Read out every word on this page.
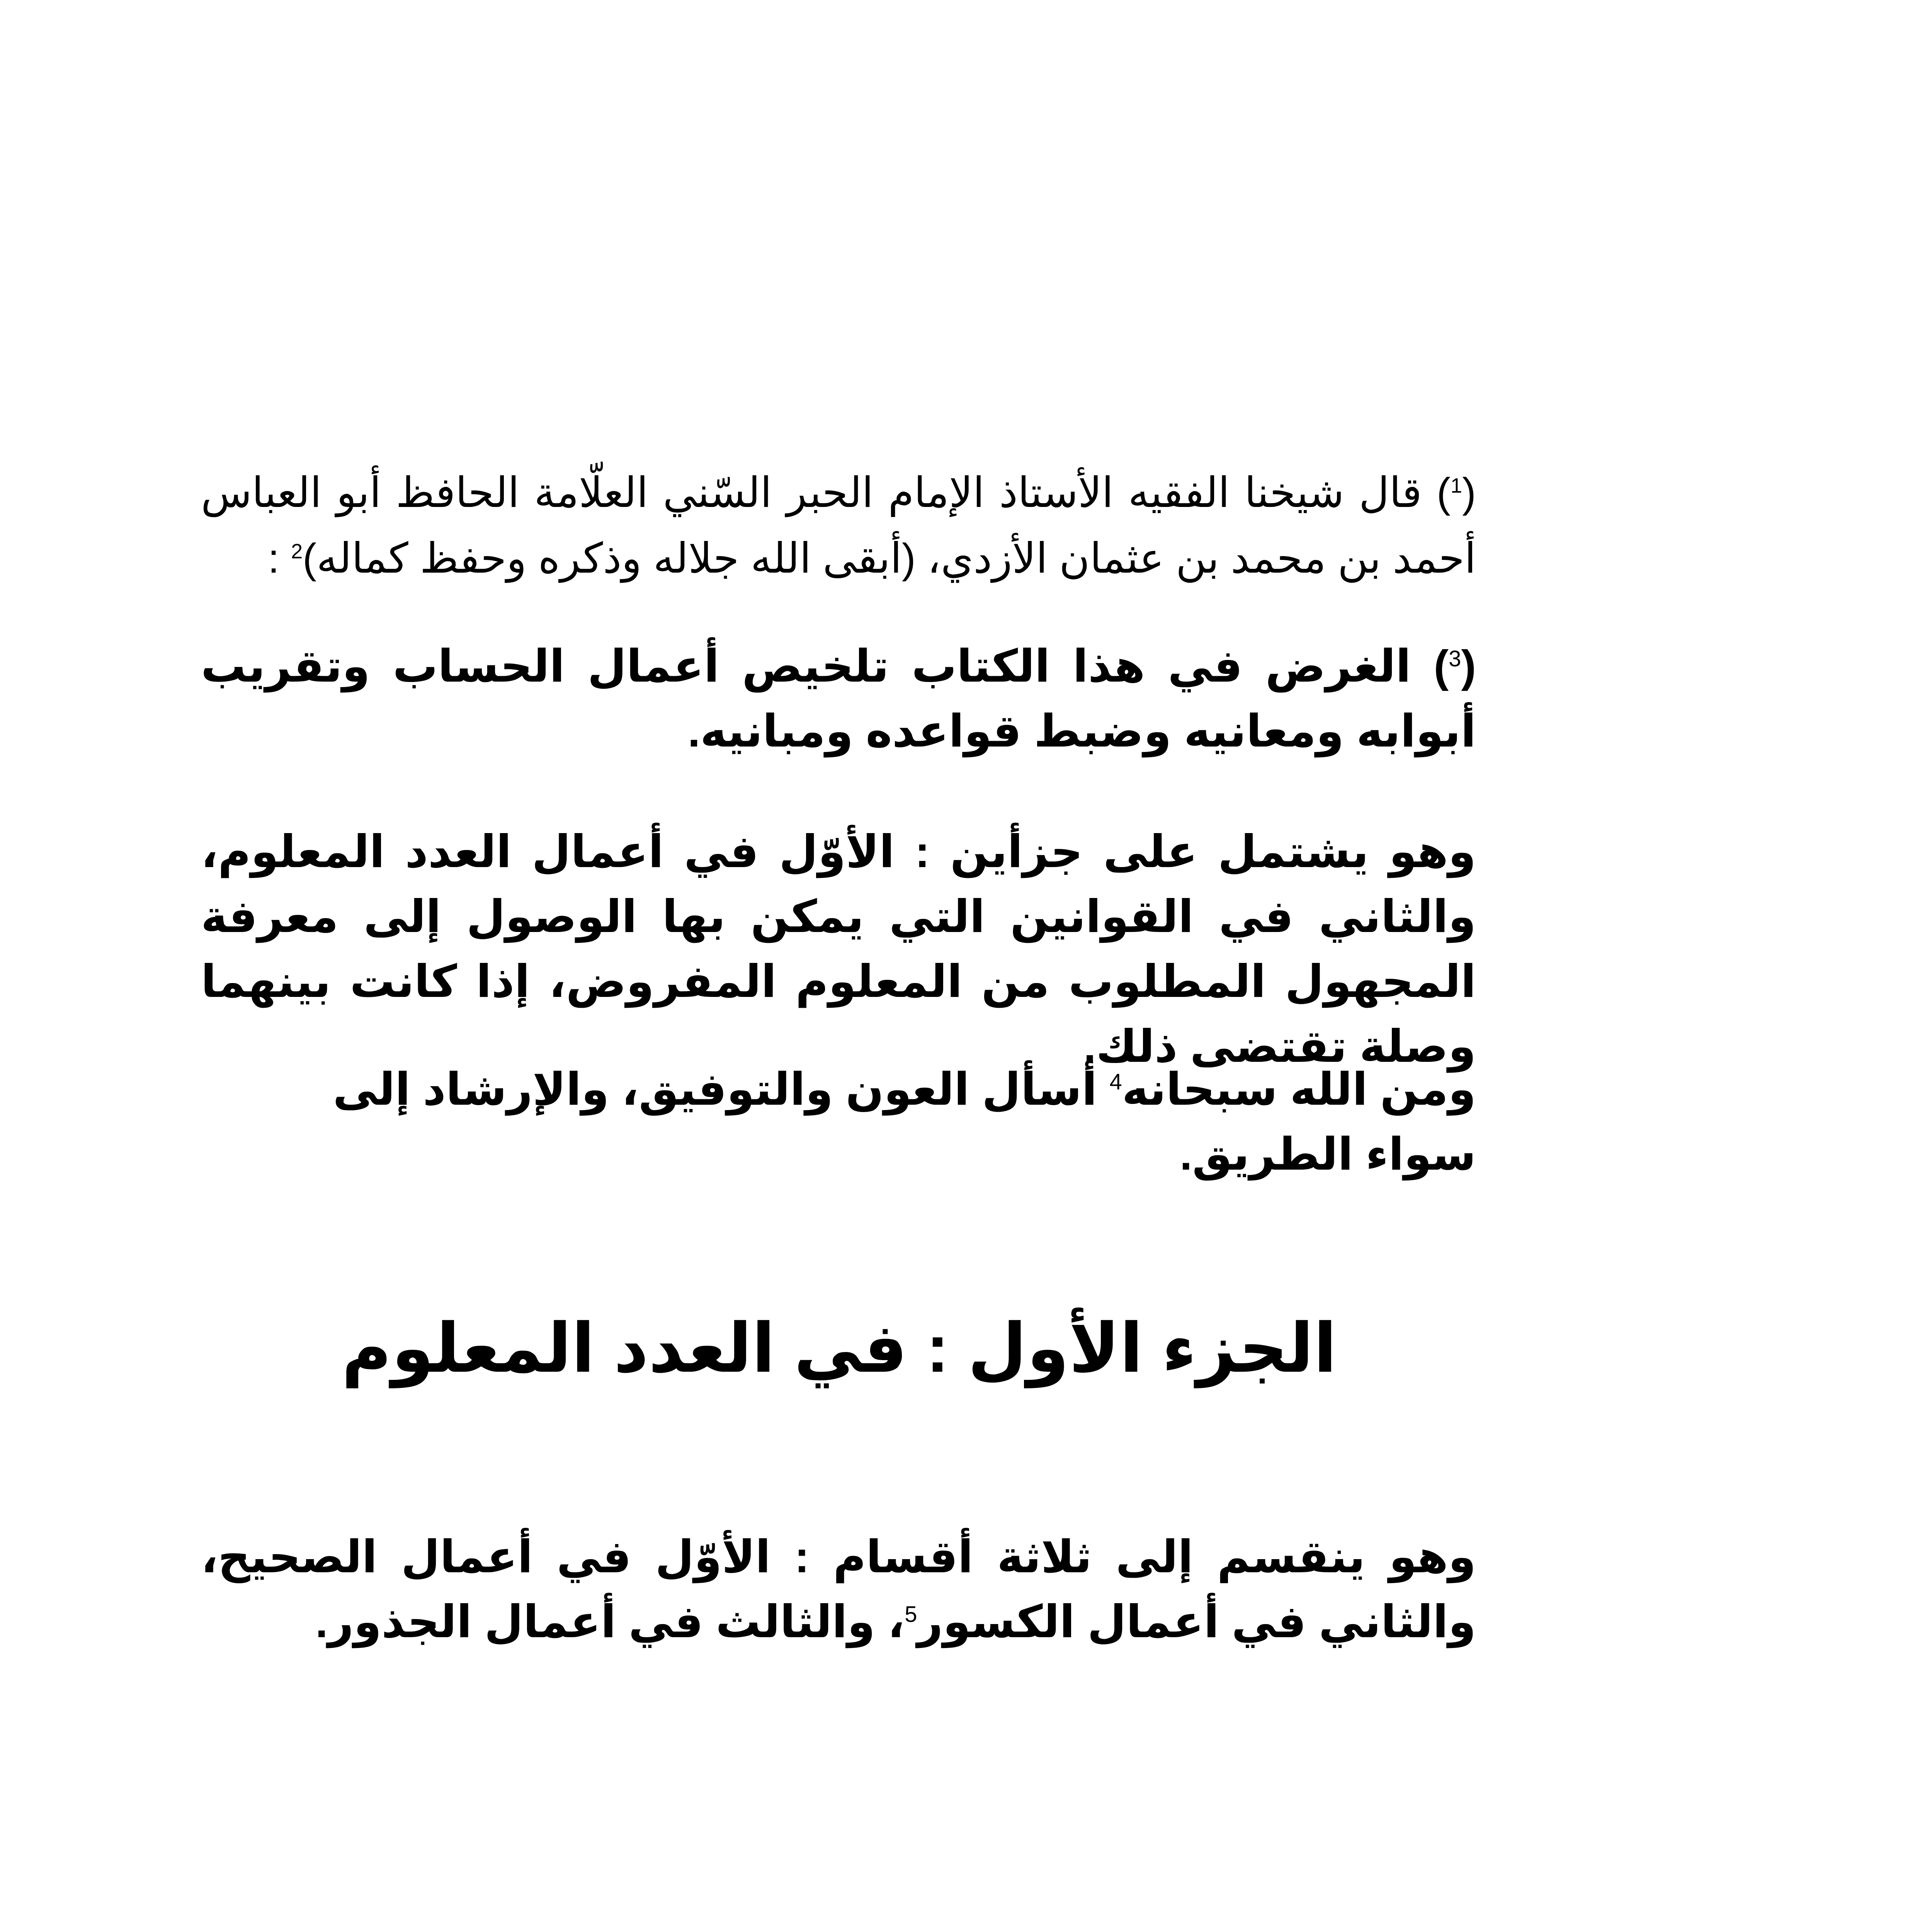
($^1$) قال شيخنا الفقيه الأستاذ الإمام الحبر السّني العلّامة الحافظ أبو العباس أحمد بن محمد بن عثمان الأزدي، (أبقى الله جلاله وذكره وحفظ كماله)$^2$ :

($^3$) الغرض في هذا الكتاب تلخيص أعمال الحساب وتقريب أبوابه ومعانيه وضبط قواعده ومبانيه.

وهو يشتمل على جزأين : الأوّل في أعمال العدد المعلوم، والثاني في القوانين التي يمكن بها الوصول إلى معرفة المجهول المطلوب من المعلوم المفروض، إذا كانت بينهما وصلة تقتضى ذلك.

ومن الله سبحانه$^4$ أسأل العون والتوفيق، والإرشاد إلى سواء الطريق.

الجزء الأول : في العدد المعلوم

وهو ينقسم إلى ثلاثة أقسام : الأوّل في أعمال الصحيح، والثاني في أعمال الكسور$^5$، والثالث في أعمال الجذور.
